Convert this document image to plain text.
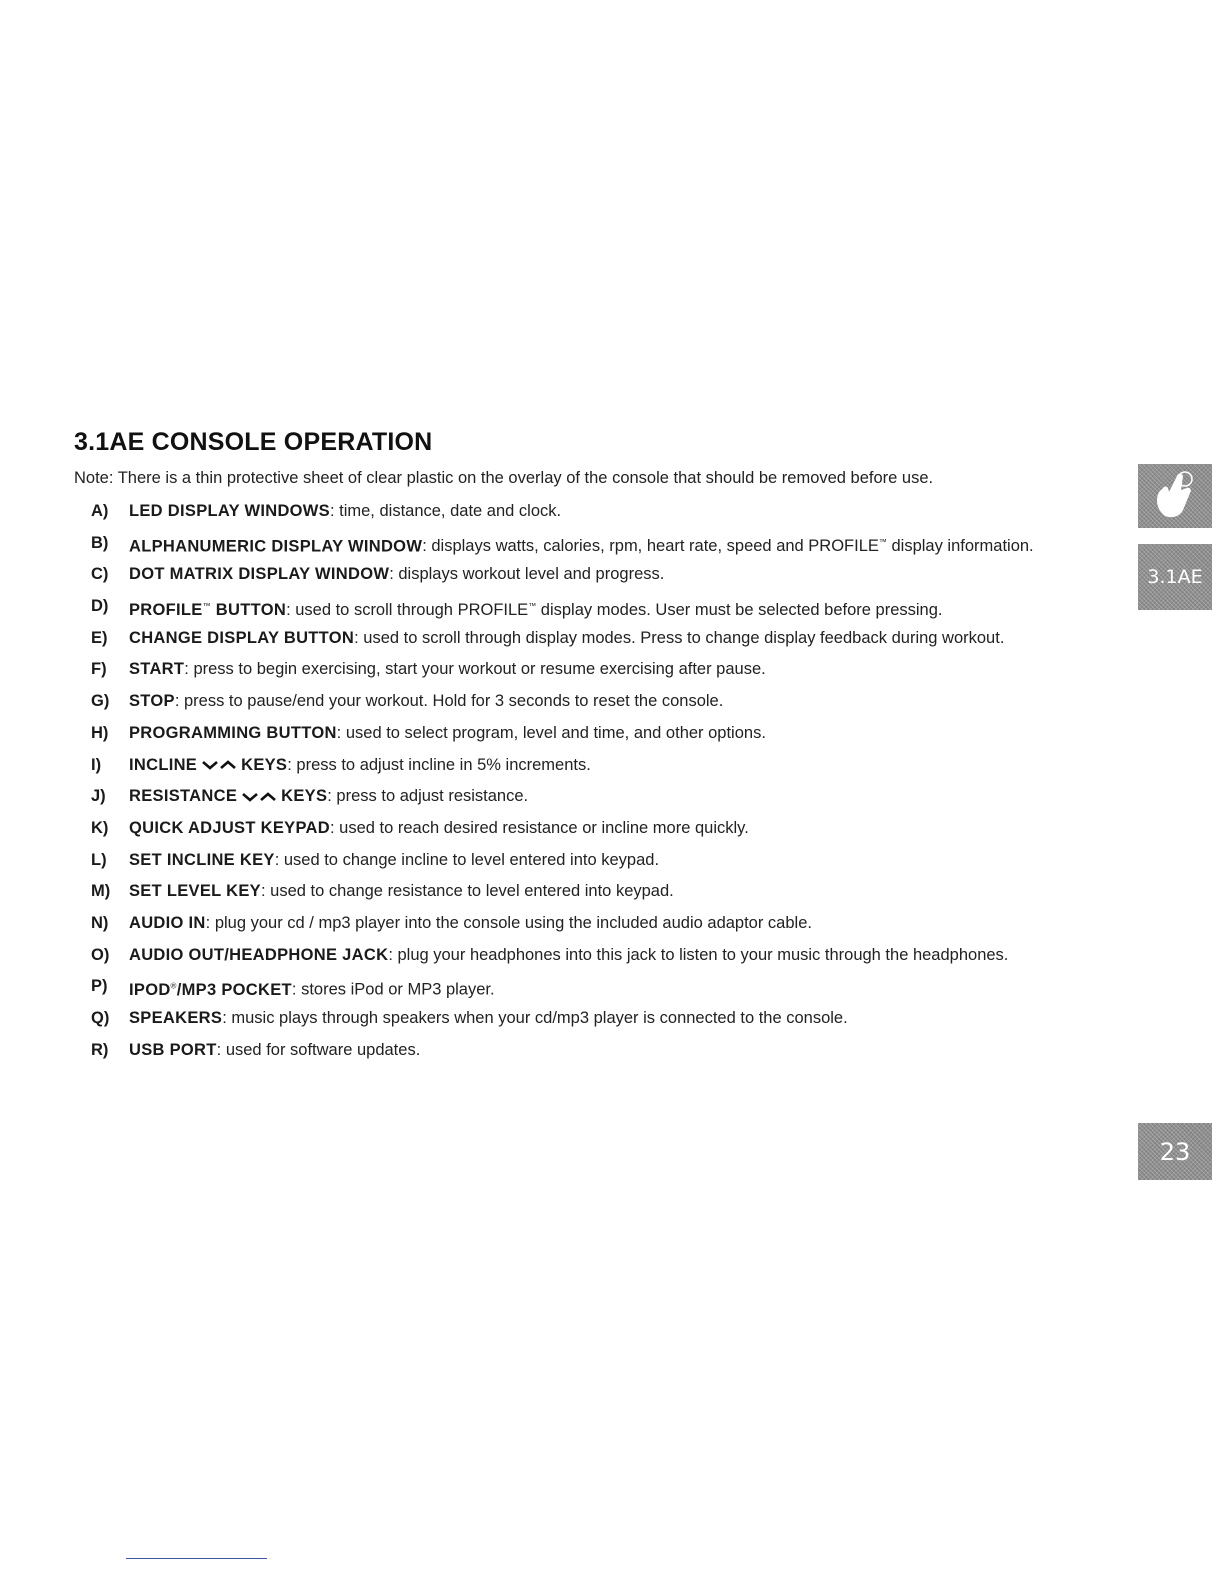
3.1AE CONSOLE OPERATION

Note: There is a thin protective sheet of clear plastic on the overlay of the console that should be removed before use.

A) LED DISPLAY WINDOWS: time, distance, date and clock.
B) ALPHANUMERIC DISPLAY WINDOW: displays watts, calories, rpm, heart rate, speed and PROFILE™ display information.
C) DOT MATRIX DISPLAY WINDOW: displays workout level and progress.
D) PROFILE™ BUTTON: used to scroll through PROFILE™ display modes. User must be selected before pressing.
E) CHANGE DISPLAY BUTTON: used to scroll through display modes. Press to change display feedback during workout.
F) START: press to begin exercising, start your workout or resume exercising after pause.
G) STOP: press to pause/end your workout. Hold for 3 seconds to reset the console.
H) PROGRAMMING BUTTON: used to select program, level and time, and other options.
I) INCLINE	KEYS: press to adjust incline in 5% increments.
J) RESISTANCE	KEYS: press to adjust resistance.
K) QUICK ADJUST KEYPAD: used to reach desired resistance or incline more quickly.
L) SET INCLINE KEY: used to change incline to level entered into keypad.
M) SET LEVEL KEY: used to change resistance to level entered into keypad.
N) AUDIO IN: plug your cd / mp3 player into the console using the included audio adaptor cable.
O) AUDIO OUT/HEADPHONE JACK: plug your headphones into this jack to listen to your music through the headphones.
P) IPOD®/MP3 POCKET: stores iPod or MP3 player.
Q) SPEAKERS: music plays through speakers when your cd/mp3 player is connected to the console.
R) USB PORT: used for software updates.
3.1AE
23
